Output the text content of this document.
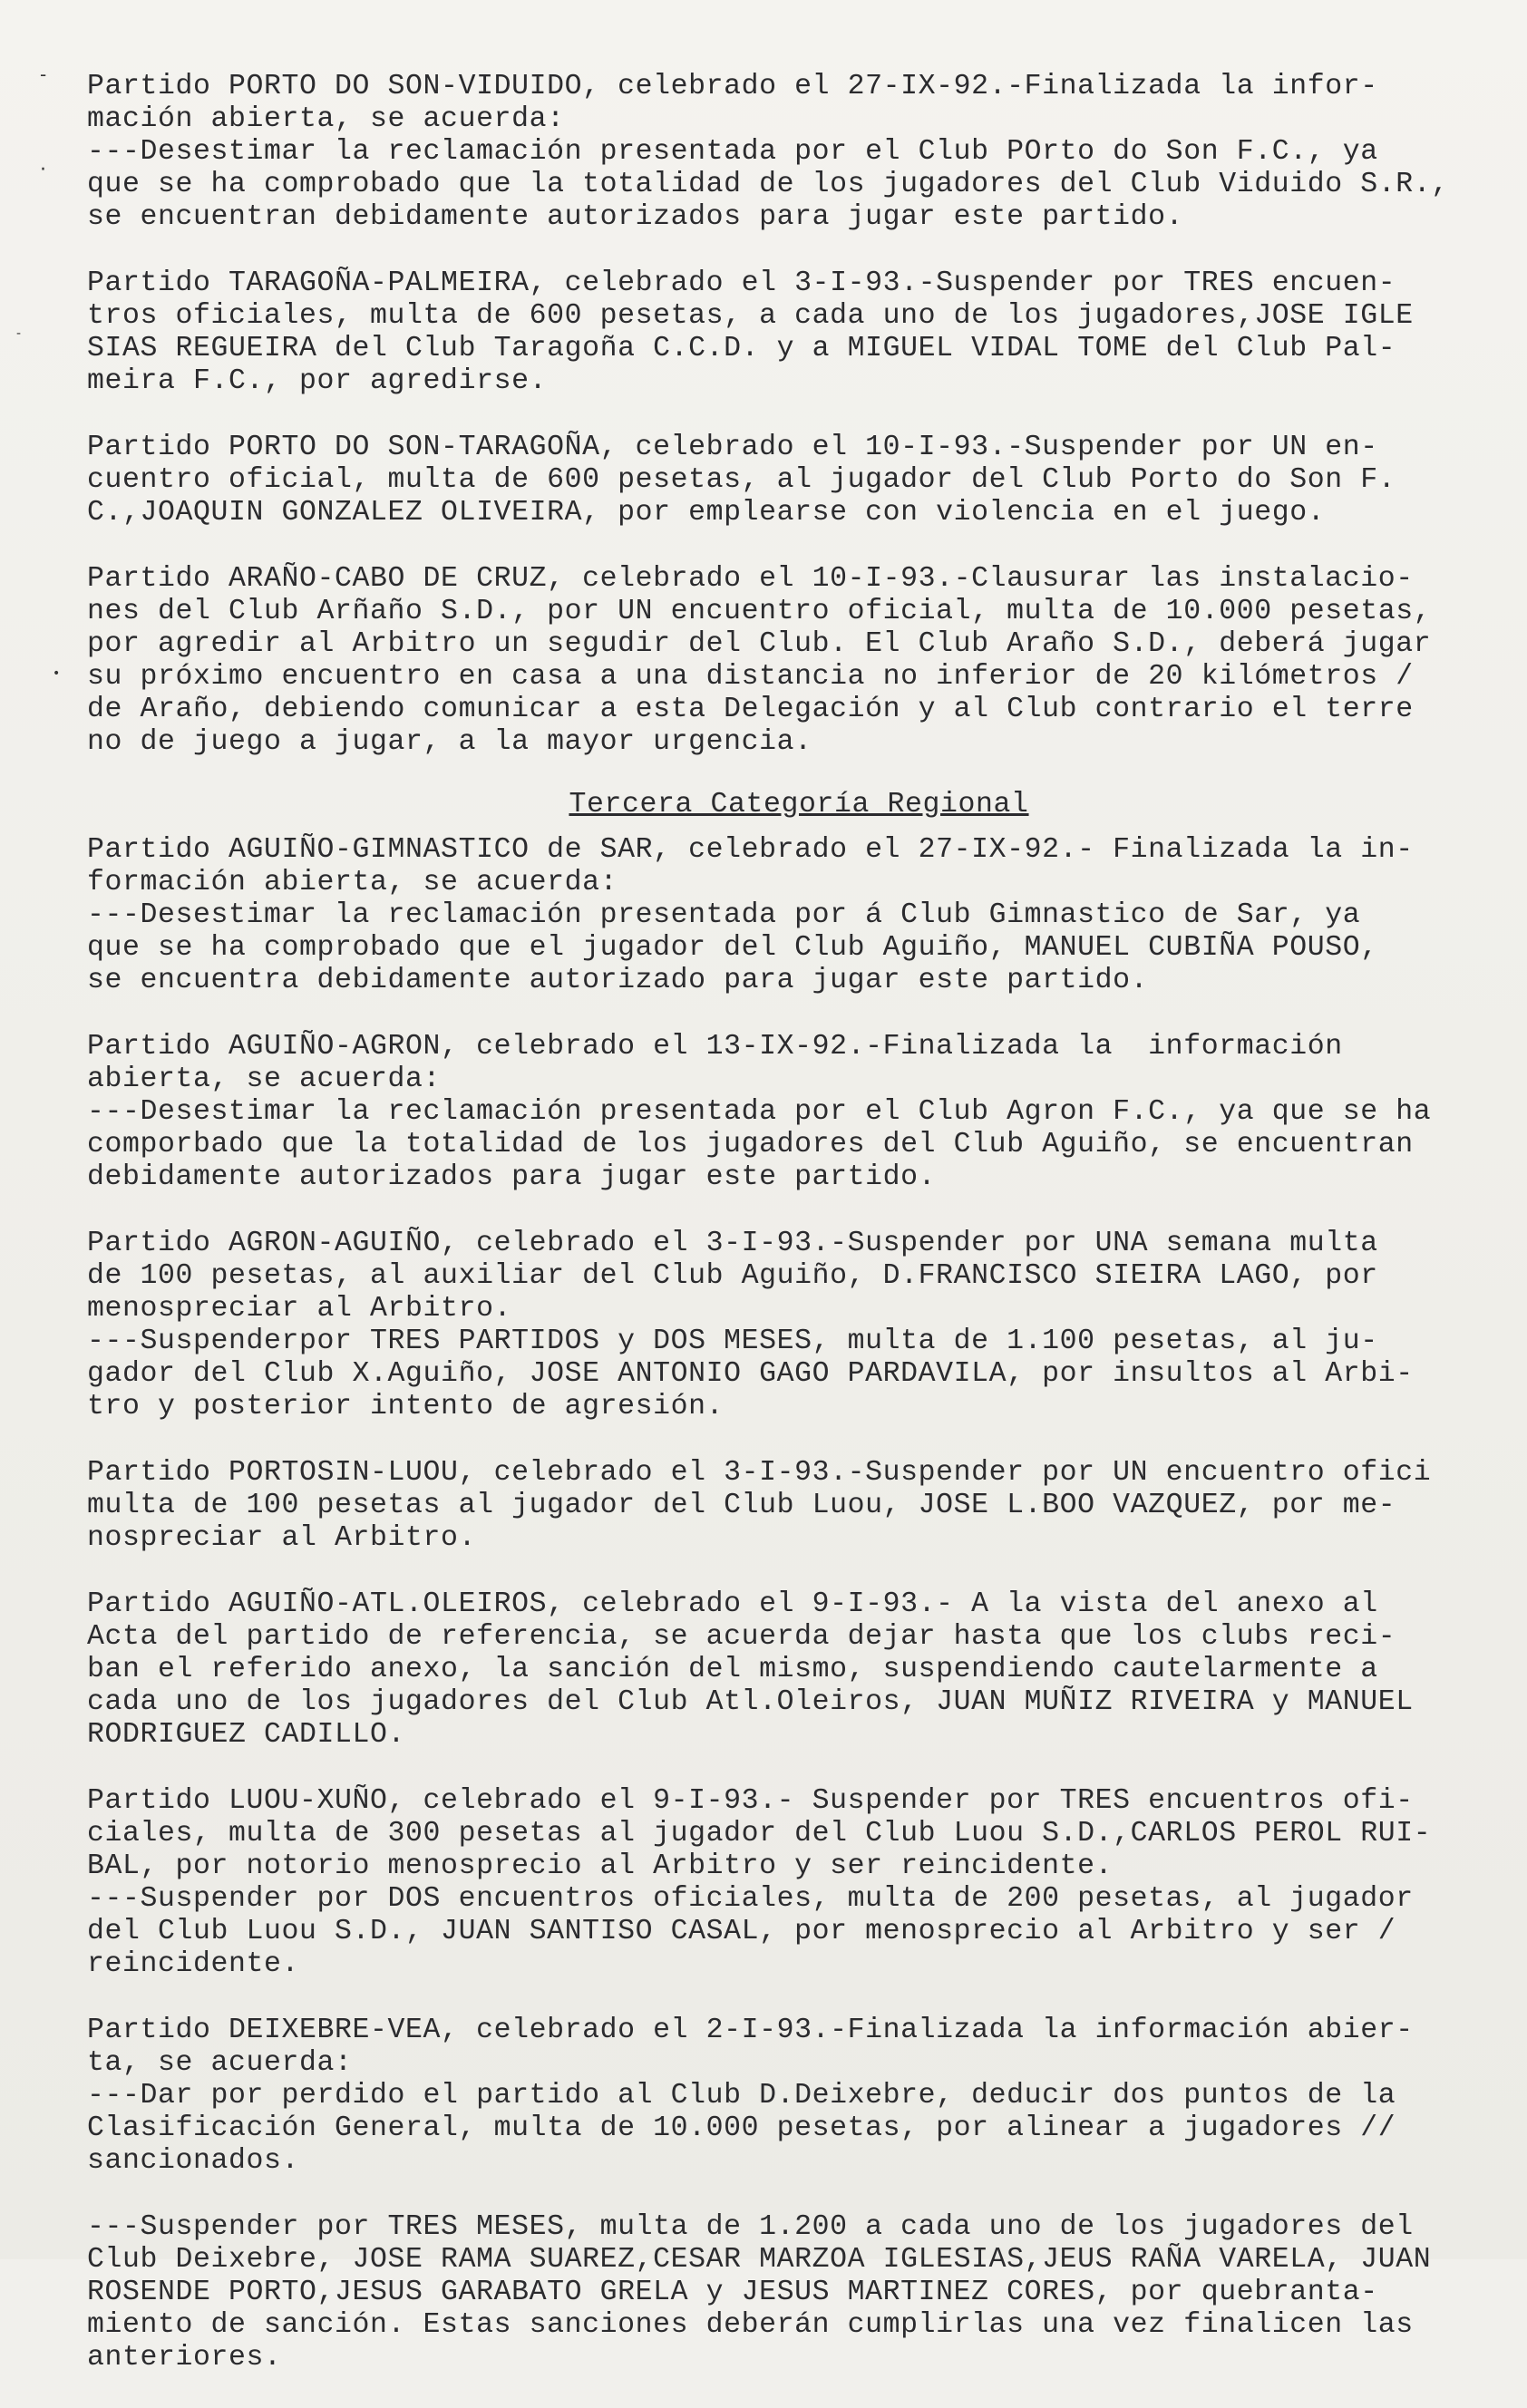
-
·
-
•
Partido PORTO DO SON-VIDUIDO, celebrado el 27-IX-92.-Finalizada la infor-
mación abierta, se acuerda:
---Desestimar la reclamación presentada por el Club POrto do Son F.C., ya
que se ha comprobado que la totalidad de los jugadores del Club Viduido S.R.,
se encuentran debidamente autorizados para jugar este partido.
Partido TARAGOÑA-PALMEIRA, celebrado el 3-I-93.-Suspender por TRES encuen-
tros oficiales, multa de 600 pesetas, a cada uno de los jugadores,JOSE IGLE
SIAS REGUEIRA del Club Taragoña C.C.D. y a MIGUEL VIDAL TOME del Club Pal-
meira F.C., por agredirse.
Partido PORTO DO SON-TARAGOÑA, celebrado el 10-I-93.-Suspender por UN en-
cuentro oficial, multa de 600 pesetas, al jugador del Club Porto do Son F.
C.,JOAQUIN GONZALEZ OLIVEIRA, por emplearse con violencia en el juego.
Partido ARAÑO-CABO DE CRUZ, celebrado el 10-I-93.-Clausurar las instalacio-
nes del Club Arñaño S.D., por UN encuentro oficial, multa de 10.000 pesetas,
por agredir al Arbitro un segudir del Club. El Club Araño S.D., deberá jugar
su próximo encuentro en casa a una distancia no inferior de 20 kilómetros /
de Araño, debiendo comunicar a esta Delegación y al Club contrario el terre
no de juego a jugar, a la mayor urgencia.
Tercera Categoría Regional
Partido AGUIÑO-GIMNASTICO de SAR, celebrado el 27-IX-92.- Finalizada la in-
formación abierta, se acuerda:
---Desestimar la reclamación presentada por á Club Gimnastico de Sar, ya
que se ha comprobado que el jugador del Club Aguiño, MANUEL CUBIÑA POUSO,
se encuentra debidamente autorizado para jugar este partido.
Partido AGUIÑO-AGRON, celebrado el 13-IX-92.-Finalizada la  información
abierta, se acuerda:
---Desestimar la reclamación presentada por el Club Agron F.C., ya que se ha
comporbado que la totalidad de los jugadores del Club Aguiño, se encuentran
debidamente autorizados para jugar este partido.
Partido AGRON-AGUIÑO, celebrado el 3-I-93.-Suspender por UNA semana multa
de 100 pesetas, al auxiliar del Club Aguiño, D.FRANCISCO SIEIRA LAGO, por
menospreciar al Arbitro.
---Suspenderpor TRES PARTIDOS y DOS MESES, multa de 1.100 pesetas, al ju-
gador del Club X.Aguiño, JOSE ANTONIO GAGO PARDAVILA, por insultos al Arbi-
tro y posterior intento de agresión.
Partido PORTOSIN-LUOU, celebrado el 3-I-93.-Suspender por UN encuentro ofici
multa de 100 pesetas al jugador del Club Luou, JOSE L.BOO VAZQUEZ, por me-
nospreciar al Arbitro.
Partido AGUIÑO-ATL.OLEIROS, celebrado el 9-I-93.- A la vista del anexo al
Acta del partido de referencia, se acuerda dejar hasta que los clubs reci-
ban el referido anexo, la sanción del mismo, suspendiendo cautelarmente a
cada uno de los jugadores del Club Atl.Oleiros, JUAN MUÑIZ RIVEIRA y MANUEL
RODRIGUEZ CADILLO.
Partido LUOU-XUÑO, celebrado el 9-I-93.- Suspender por TRES encuentros ofi-
ciales, multa de 300 pesetas al jugador del Club Luou S.D.,CARLOS PEROL RUI-
BAL, por notorio menosprecio al Arbitro y ser reincidente.
---Suspender por DOS encuentros oficiales, multa de 200 pesetas, al jugador
del Club Luou S.D., JUAN SANTISO CASAL, por menosprecio al Arbitro y ser /
reincidente.
Partido DEIXEBRE-VEA, celebrado el 2-I-93.-Finalizada la información abier-
ta, se acuerda:
---Dar por perdido el partido al Club D.Deixebre, deducir dos puntos de la
Clasificación General, multa de 10.000 pesetas, por alinear a jugadores //
sancionados.
---Suspender por TRES MESES, multa de 1.200 a cada uno de los jugadores del
Club Deixebre, JOSE RAMA SUAREZ,CESAR MARZOA IGLESIAS,JEUS RAÑA VARELA, JUAN
ROSENDE PORTO,JESUS GARABATO GRELA y JESUS MARTINEZ CORES, por quebranta-
miento de sanción. Estas sanciones deberán cumplirlas una vez finalicen las
anteriores.
